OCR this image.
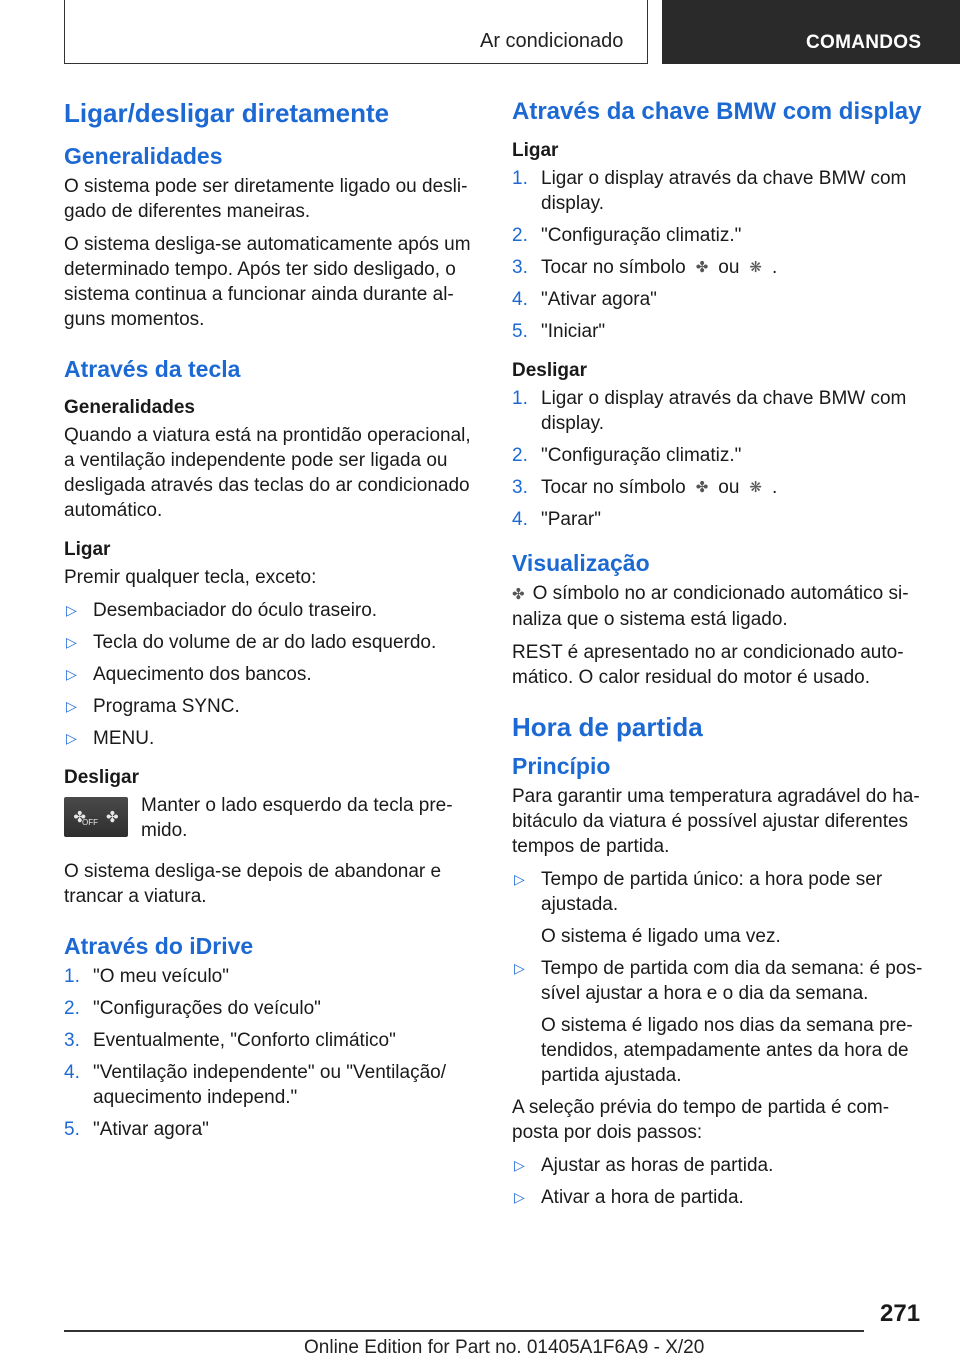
Ar condicionado	COMANDOS
Ligar/desligar diretamente
Generalidades

O sistema pode ser diretamente ligado ou desli-gado de diferentes maneiras.

O sistema desliga-se automaticamente após um determinado tempo. Após ter sido desligado, o sistema continua a funcionar ainda durante al-guns momentos.

Através da tecla
Generalidades

Quando a viatura está na prontidão operacional, a ventilação independente pode ser ligada ou desligada através das teclas do ar condicionado automático.

Ligar

Premir qualquer tecla, exceto:

▷ Desembaciador do óculo traseiro.
▷ Tecla do volume de ar do lado esquerdo.
▷ Aquecimento dos bancos.
▷ Programa SYNC.
▷ MENU.
Desligar
✤
OFF ✤
Manter o lado esquerdo da tecla pre-mido.

O sistema desliga-se depois de abandonar e trancar a viatura.

Através do iDrive
1. "O meu veículo"
2. "Configurações do veículo"
3. Eventualmente, "Conforto climático"
4. "Ventilação independente" ou "Ventilação/ aquecimento independ."
5. "Ativar agora"
Através da chave BMW com display
Ligar
1. Ligar o display através da chave BMW com display.
2. "Configuração climatiz."
3. Tocar no símbolo ✤ ou ❋ .
4. "Ativar agora"
5. "Iniciar"
Desligar
1. Ligar o display através da chave BMW com display.
2. "Configuração climatiz."
3. Tocar no símbolo ✤ ou ❋ .
4. "Parar"
Visualização

✤ O símbolo no ar condicionado automático si-naliza que o sistema está ligado.

REST é apresentado no ar condicionado auto-mático. O calor residual do motor é usado.

Hora de partida
Princípio

Para garantir uma temperatura agradável do ha-bitáculo da viatura é possível ajustar diferentes tempos de partida.

▷ Tempo de partida único: a hora pode ser ajustada.
O sistema é ligado uma vez.
▷ Tempo de partida com dia da semana: é pos-sível ajustar a hora e o dia da semana.
O sistema é ligado nos dias da semana pre-tendidos, atempadamente antes da hora de partida ajustada.

A seleção prévia do tempo de partida é com-posta por dois passos:

▷ Ajustar as horas de partida.
▷ Ativar a hora de partida.
271
Online Edition for Part no. 01405A1F6A9 - X/20
